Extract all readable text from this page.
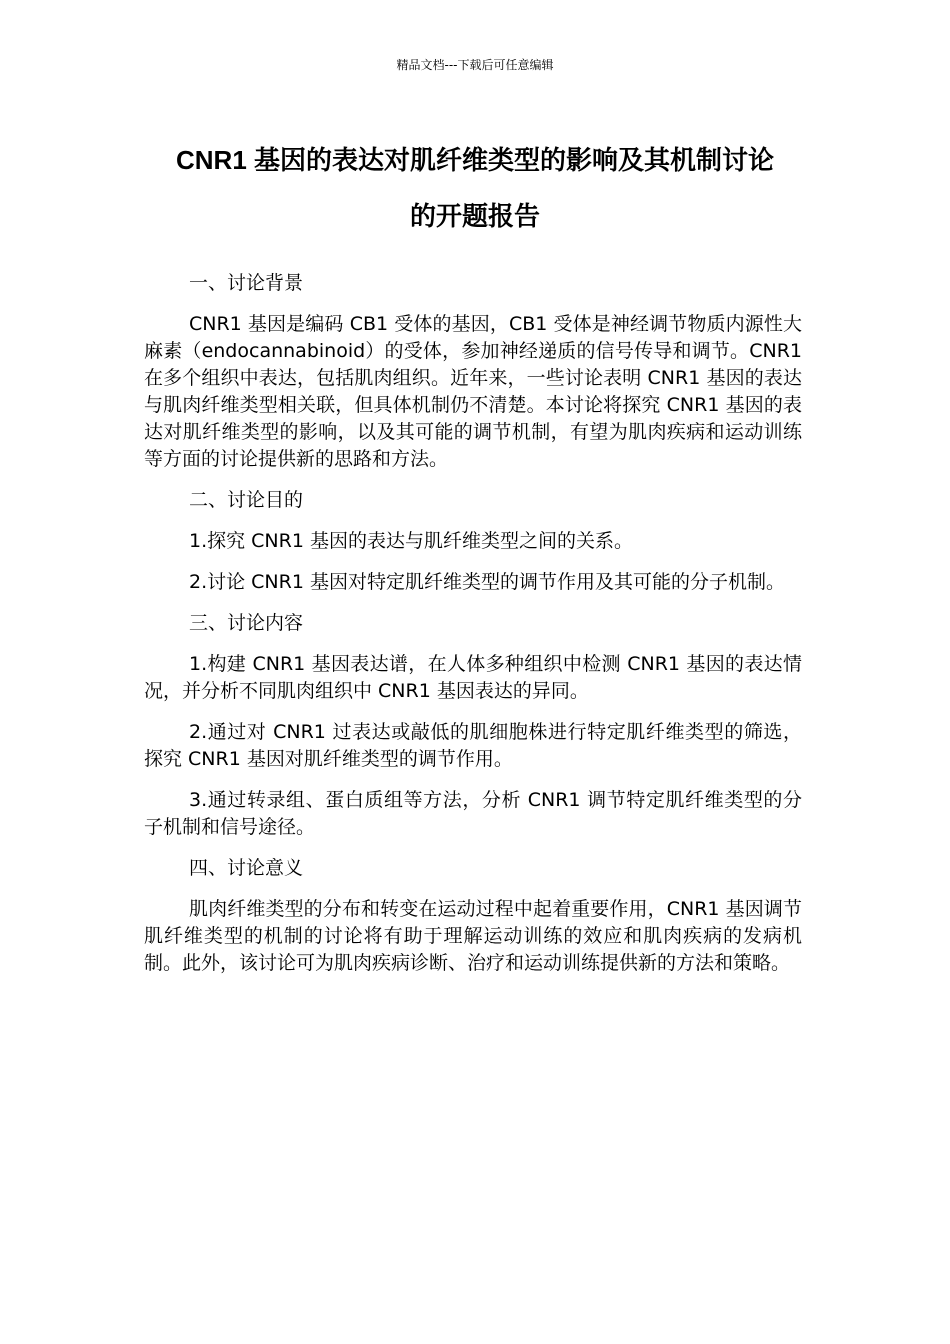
精品文档---下载后可任意编辑
CNR1 基因的表达对肌纤维类型的影响及其机制讨论
的开题报告

一、讨论背景

CNR1 基因是编码 CB1 受体的基因，CB1 受体是神经调节物质内源性大麻素（endocannabinoid）的受体，参加神经递质的信号传导和调节。CNR1 在多个组织中表达，包括肌肉组织。近年来，一些讨论表明 CNR1 基因的表达与肌肉纤维类型相关联，但具体机制仍不清楚。本讨论将探究 CNR1 基因的表达对肌纤维类型的影响，以及其可能的调节机制，有望为肌肉疾病和运动训练等方面的讨论提供新的思路和方法。

二、讨论目的

1.探究 CNR1 基因的表达与肌纤维类型之间的关系。

2.讨论 CNR1 基因对特定肌纤维类型的调节作用及其可能的分子机制。

三、讨论内容

1.构建 CNR1 基因表达谱，在人体多种组织中检测 CNR1 基因的表达情况，并分析不同肌肉组织中 CNR1 基因表达的异同。

2.通过对 CNR1 过表达或敲低的肌细胞株进行特定肌纤维类型的筛选，探究 CNR1 基因对肌纤维类型的调节作用。

3.通过转录组、蛋白质组等方法，分析 CNR1 调节特定肌纤维类型的分子机制和信号途径。

四、讨论意义

肌肉纤维类型的分布和转变在运动过程中起着重要作用，CNR1 基因调节肌纤维类型的机制的讨论将有助于理解运动训练的效应和肌肉疾病的发病机制。此外，该讨论可为肌肉疾病诊断、治疗和运动训练提供新的方法和策略。
